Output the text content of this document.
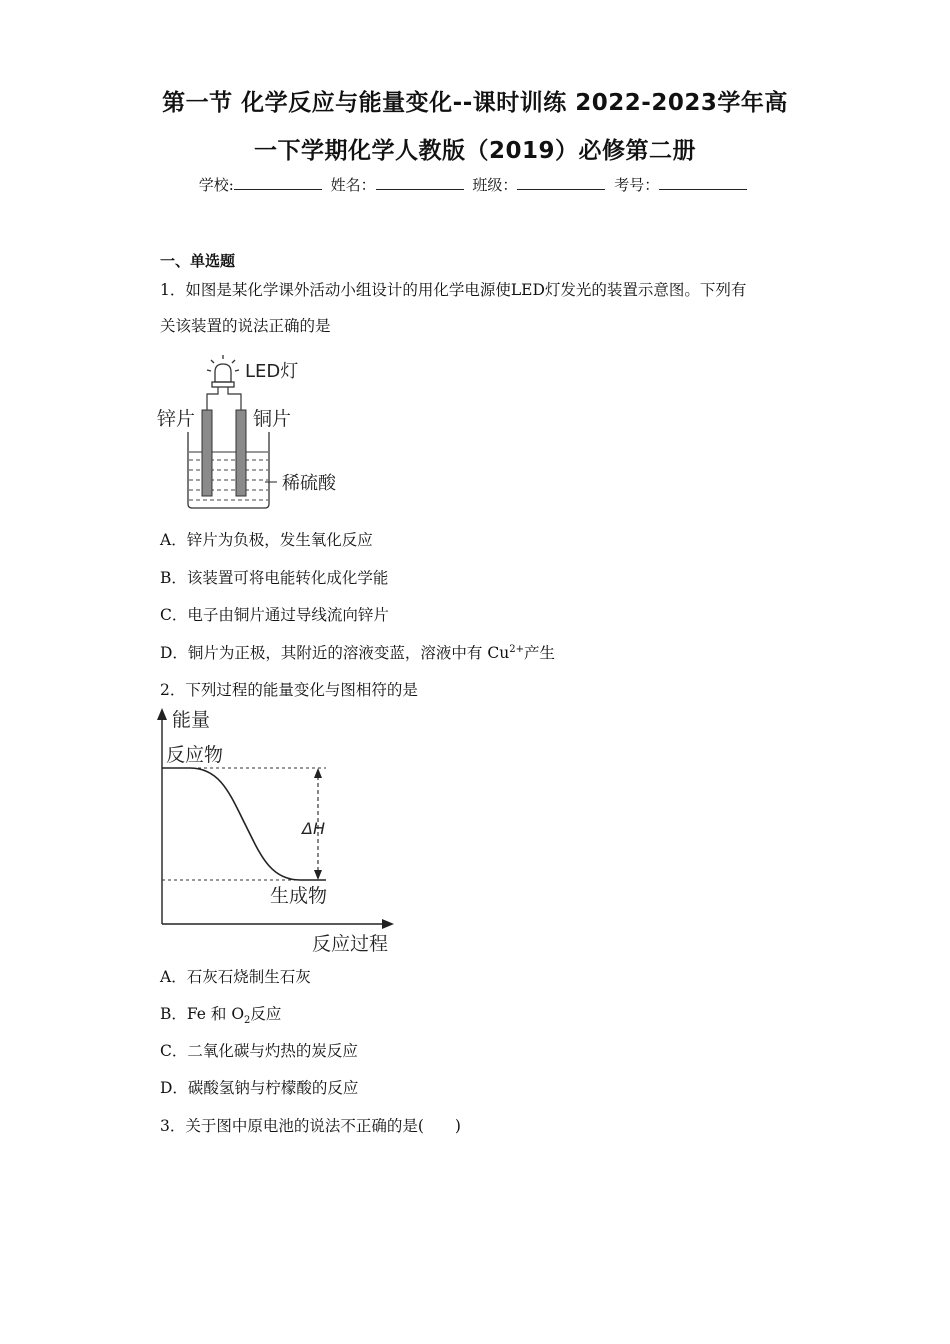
第一节 化学反应与能量变化--课时训练 2022-2023学年高
一下学期化学人教版（2019）必修第二册
学校:	姓名：	班级：	考号：
一、单选题
1．如图是某化学课外活动小组设计的用化学电源使LED灯发光的装置示意图。下列有
关该装置的说法正确的是
LED灯
锌片	铜片
稀硫酸
A．锌片为负极，发生氧化反应
B．该装置可将电能转化成化学能
C．电子由铜片通过导线流向锌片
D．铜片为正极，其附近的溶液变蓝，溶液中有 $Cu^{2+}$产生
2．下列过程的能量变化与图相符的是
能量
反应物
ΔH
生成物
反应过程
A．石灰石烧制生石灰
B．Fe 和 $O_2$反应
C．二氧化碳与灼热的炭反应
D．碳酸氢钠与柠檬酸的反应
3．关于图中原电池的说法不正确的是(　　)
